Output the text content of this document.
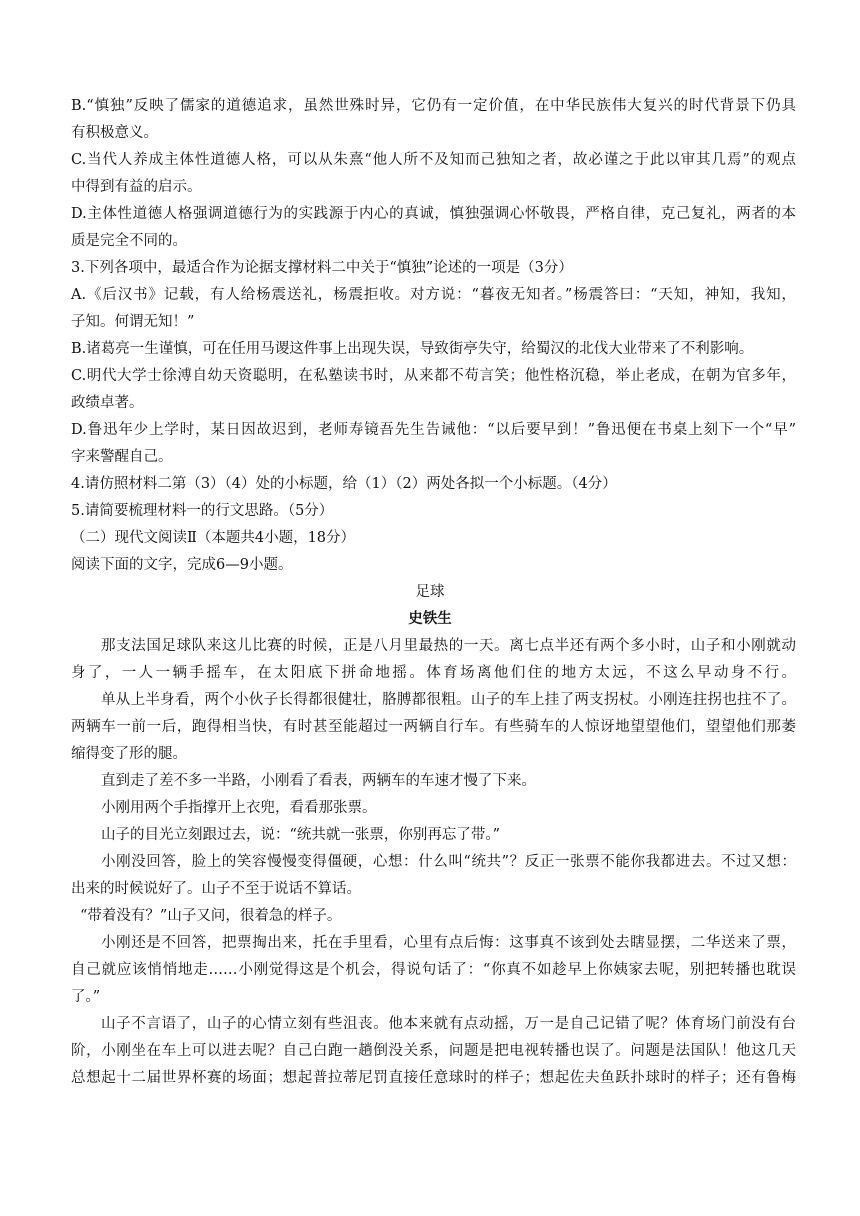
B.“慎独”反映了儒家的道德追求，虽然世殊时异，它仍有一定价值，在中华民族伟大复兴的时代背景下仍具
有积极意义。
C.当代人养成主体性道德人格，可以从朱熹“他人所不及知而己独知之者，故必谨之于此以审其几焉”的观点
中得到有益的启示。
D.主体性道德人格强调道德行为的实践源于内心的真诚，慎独强调心怀敬畏，严格自律，克己复礼，两者的本
质是完全不同的。
3.下列各项中，最适合作为论据支撑材料二中关于“慎独”论述的一项是（3分）
A.《后汉书》记载，有人给杨震送礼，杨震拒收。对方说：“暮夜无知者。”杨震答曰：“天知，神知，我知，
子知。何谓无知！”
B.诸葛亮一生谨慎，可在任用马谡这件事上出现失误，导致街亭失守，给蜀汉的北伐大业带来了不利影响。
C.明代大学士徐溥自幼天资聪明，在私塾读书时，从来都不苟言笑；他性格沉稳，举止老成，在朝为官多年，
政绩卓著。
D.鲁迅年少上学时，某日因故迟到，老师寿镜吾先生告诫他：“以后要早到！”鲁迅便在书桌上刻下一个“早”
字来警醒自己。
4.请仿照材料二第（3）（4）处的小标题，给（1）（2）两处各拟一个小标题。（4分）
5.请简要梳理材料一的行文思路。（5分）
（二）现代文阅读Ⅱ（本题共4小题，18分）
阅读下面的文字，完成6—9小题。
足球
史铁生
那支法国足球队来这儿比赛的时候，正是八月里最热的一天。离七点半还有两个多小时，山子和小刚就动
身了，一人一辆手摇车，在太阳底下拼命地摇。体育场离他们住的地方太远，不这么早动身不行。
单从上半身看，两个小伙子长得都很健壮，胳膊都很粗。山子的车上挂了两支拐杖。小刚连拄拐也拄不了。
两辆车一前一后，跑得相当快，有时甚至能超过一两辆自行车。有些骑车的人惊讶地望望他们，望望他们那萎
缩得变了形的腿。
直到走了差不多一半路，小刚看了看表，两辆车的车速才慢了下来。
小刚用两个手指撑开上衣兜，看看那张票。
山子的目光立刻跟过去，说：“统共就一张票，你别再忘了带。”
小刚没回答，脸上的笑容慢慢变得僵硬，心想：什么叫“统共”？反正一张票不能你我都进去。不过又想：
出来的时候说好了。山子不至于说话不算话。
“带着没有？”山子又问，很着急的样子。
小刚还是不回答，把票掏出来，托在手里看，心里有点后悔：这事真不该到处去瞎显摆，二华送来了票，
自己就应该悄悄地走……小刚觉得这是个机会，得说句话了：“你真不如趁早上你姨家去呢，别把转播也耽误
了。”
山子不言语了，山子的心情立刻有些沮丧。他本来就有点动摇，万一是自己记错了呢？体育场门前没有台
阶，小刚坐在车上可以进去呢？自己白跑一趟倒没关系，问题是把电视转播也误了。问题是法国队！他这几天
总想起十二届世界杯赛的场面；想起普拉蒂尼罚直接任意球时的样子；想起佐夫鱼跃扑球时的样子；还有鲁梅
